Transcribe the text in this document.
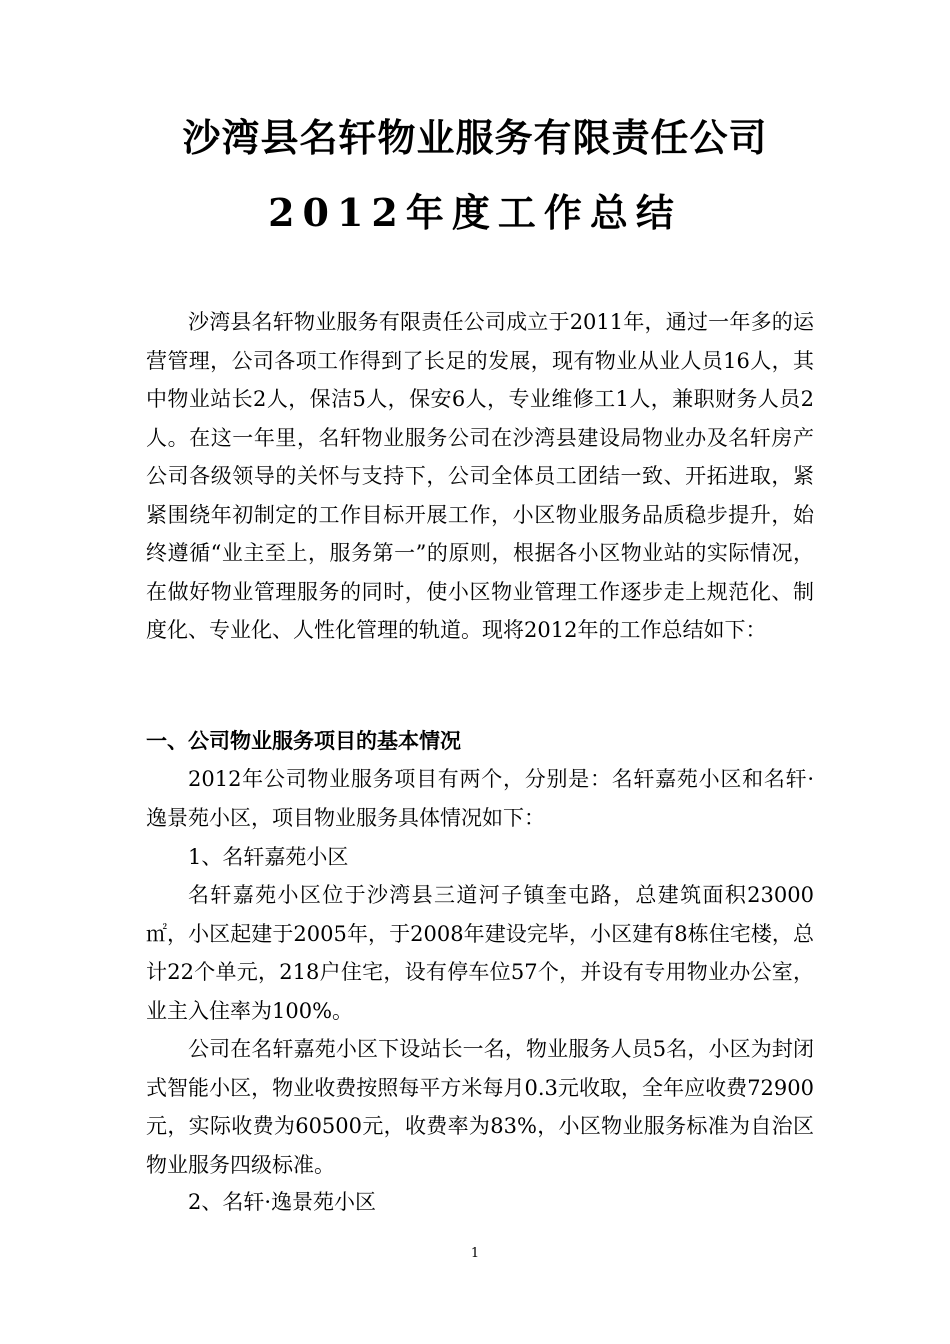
沙湾县名轩物业服务有限责任公司
2012年度工作总结
沙湾县名轩物业服务有限责任公司成立于2011年，通过一年多的运营管理，公司各项工作得到了长足的发展，现有物业从业人员16人，其中物业站长2人，保洁5人，保安6人，专业维修工1人，兼职财务人员2人。在这一年里，名轩物业服务公司在沙湾县建设局物业办及名轩房产公司各级领导的关怀与支持下，公司全体员工团结一致、开拓进取，紧紧围绕年初制定的工作目标开展工作，小区物业服务品质稳步提升，始终遵循“业主至上，服务第一”的原则，根据各小区物业站的实际情况，在做好物业管理服务的同时，使小区物业管理工作逐步走上规范化、制度化、专业化、人性化管理的轨道。现将2012年的工作总结如下：
一、公司物业服务项目的基本情况
2012年公司物业服务项目有两个，分别是：名轩嘉苑小区和名轩·逸景苑小区，项目物业服务具体情况如下：
1、名轩嘉苑小区
名轩嘉苑小区位于沙湾县三道河子镇奎屯路，总建筑面积23000㎡，小区起建于2005年，于2008年建设完毕，小区建有8栋住宅楼，总计22个单元，218户住宅，设有停车位57个，并设有专用物业办公室，业主入住率为100%。
公司在名轩嘉苑小区下设站长一名，物业服务人员5名，小区为封闭式智能小区，物业收费按照每平方米每月0.3元收取，全年应收费72900元，实际收费为60500元，收费率为83%，小区物业服务标准为自治区物业服务四级标准。
2、名轩·逸景苑小区
1
